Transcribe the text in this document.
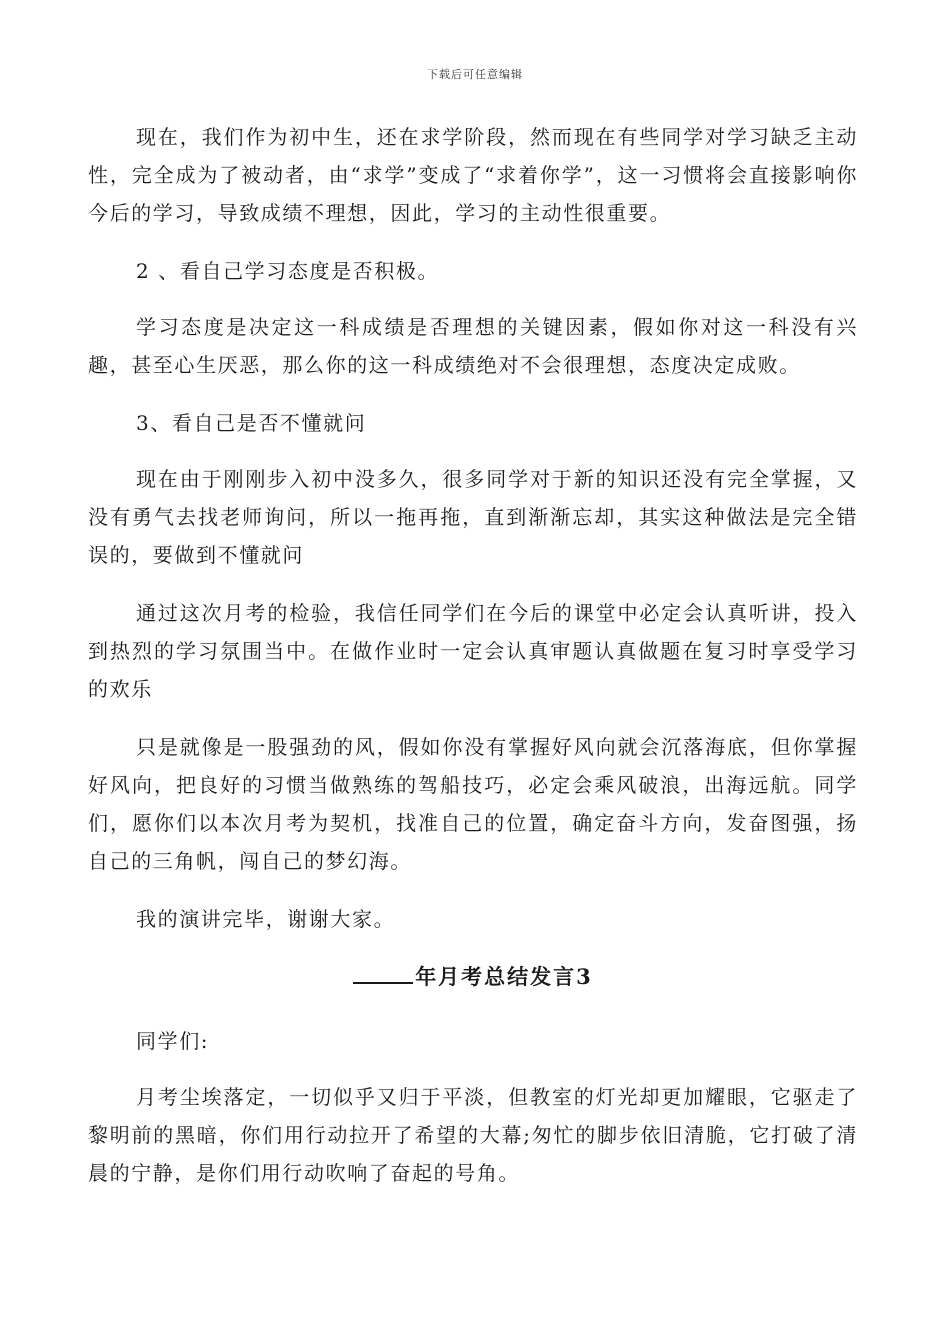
下载后可任意编辑

现在，我们作为初中生，还在求学阶段，然而现在有些同学对学习缺乏主动性，完全成为了被动者，由“求学”变成了“求着你学”，这一习惯将会直接影响你今后的学习，导致成绩不理想，因此，学习的主动性很重要。

2 、看自己学习态度是否积极。

学习态度是决定这一科成绩是否理想的关键因素，假如你对这一科没有兴趣，甚至心生厌恶，那么你的这一科成绩绝对不会很理想，态度决定成败。

3、看自己是否不懂就问

现在由于刚刚步入初中没多久，很多同学对于新的知识还没有完全掌握，又没有勇气去找老师询问，所以一拖再拖，直到渐渐忘却，其实这种做法是完全错误的，要做到不懂就问

通过这次月考的检验，我信任同学们在今后的课堂中必定会认真听讲，投入到热烈的学习氛围当中。在做作业时一定会认真审题认真做题在复习时享受学习的欢乐

只是就像是一股强劲的风，假如你没有掌握好风向就会沉落海底，但你掌握好风向，把良好的习惯当做熟练的驾船技巧，必定会乘风破浪，出海远航。同学们，愿你们以本次月考为契机，找准自己的位置，确定奋斗方向，发奋图强，扬自己的三角帆，闯自己的梦幻海。

我的演讲完毕，谢谢大家。

年月考总结发言3

同学们:

月考尘埃落定，一切似乎又归于平淡，但教室的灯光却更加耀眼，它驱走了黎明前的黑暗，你们用行动拉开了希望的大幕;匆忙的脚步依旧清脆，它打破了清晨的宁静，是你们用行动吹响了奋起的号角。
